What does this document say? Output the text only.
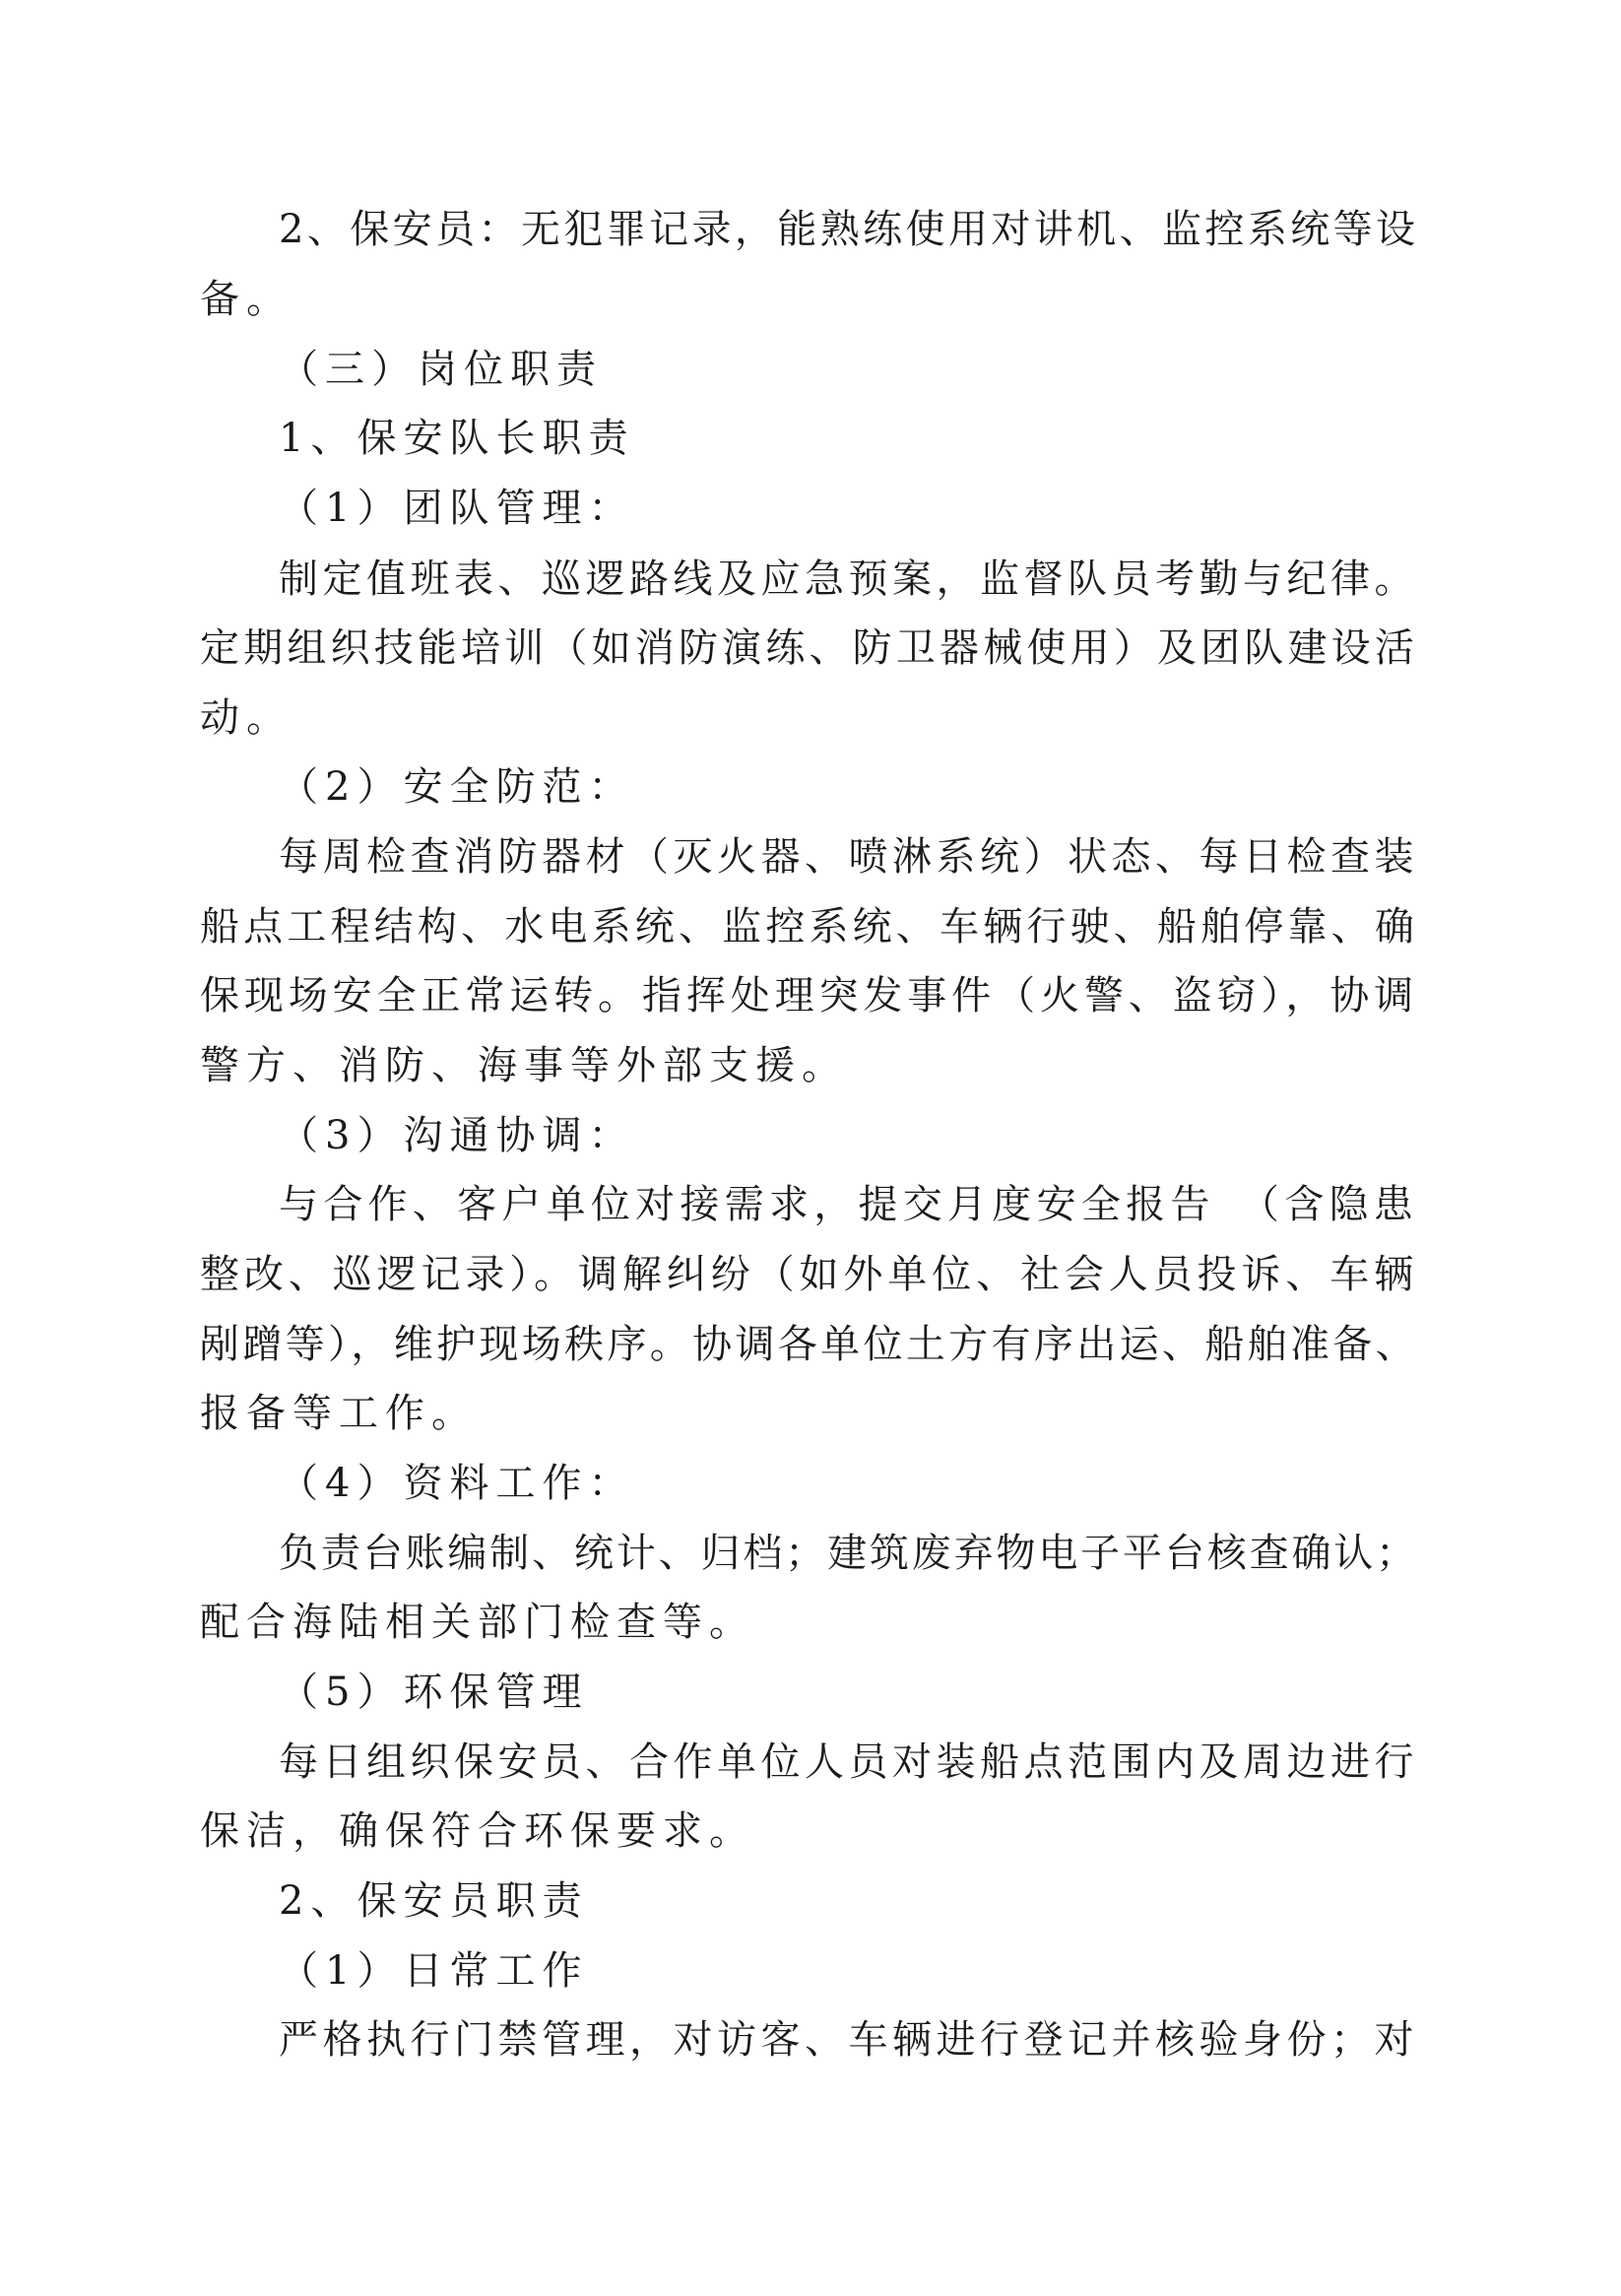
2、保安员：无犯罪记录，能熟练使用对讲机、监控系统等设
备。
（三）岗位职责
1、保安队长职责
（1）团队管理：
制定值班表、巡逻路线及应急预案，监督队员考勤与纪律。
定期组织技能培训（如消防演练、防卫器械使用）及团队建设活
动。
（2）安全防范：
每周检查消防器材（灭火器、喷淋系统）状态、每日检查装
船点工程结构、水电系统、监控系统、车辆行驶、船舶停靠、确
保现场安全正常运转。指挥处理突发事件（火警、盗窃），协调
警方、消防、海事等外部支援。
（3）沟通协调：
与合作、客户单位对接需求，提交月度安全报告　（含隐患
整改、巡逻记录）。调解纠纷（如外单位、社会人员投诉、车辆
剐蹭等），维护现场秩序。协调各单位土方有序出运、船舶准备、
报备等工作。
（4）资料工作：
负责台账编制、统计、归档；建筑废弃物电子平台核查确认；
配合海陆相关部门检查等。
（5）环保管理
每日组织保安员、合作单位人员对装船点范围内及周边进行
保洁，确保符合环保要求。
2、保安员职责
（1）日常工作
严格执行门禁管理，对访客、车辆进行登记并核验身份；对
